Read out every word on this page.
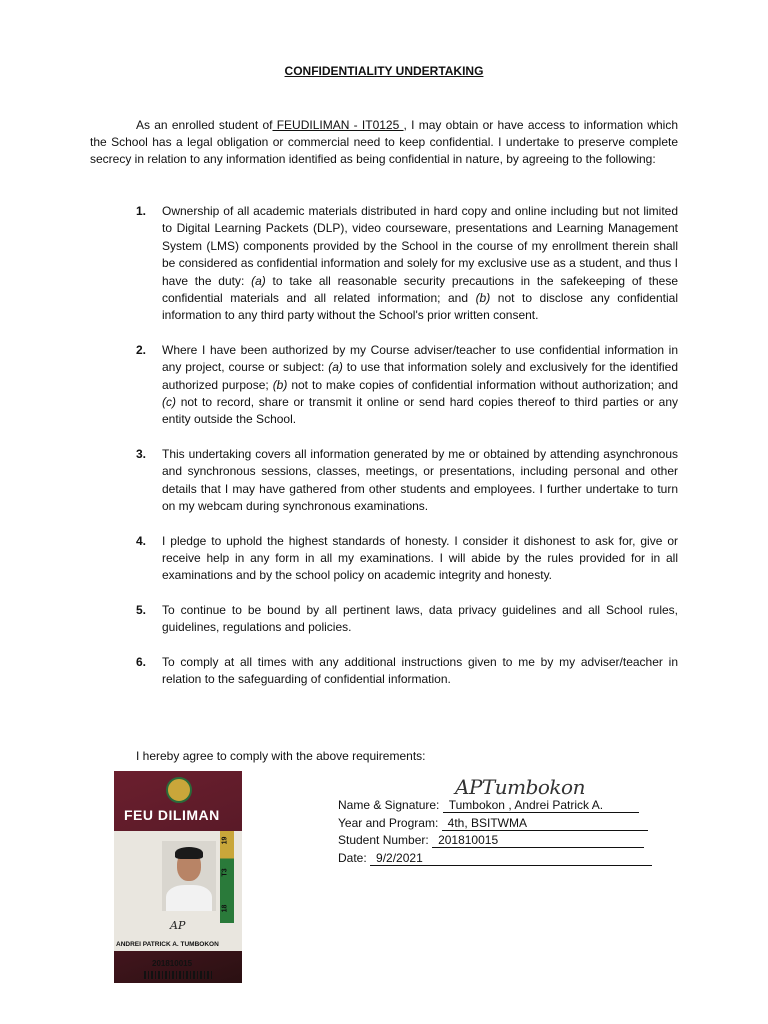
CONFIDENTIALITY UNDERTAKING

As an enrolled student of FEUDILIMAN - IT0125 , I may obtain or have access to information which the School has a legal obligation or commercial need to keep confidential. I undertake to preserve complete secrecy in relation to any information identified as being confidential in nature, by agreeing to the following:

1. Ownership of all academic materials distributed in hard copy and online including but not limited to Digital Learning Packets (DLP), video courseware, presentations and Learning Management System (LMS) components provided by the School in the course of my enrollment therein shall be considered as confidential information and solely for my exclusive use as a student, and thus I have the duty: (a) to take all reasonable security precautions in the safekeeping of these confidential materials and all related information; and (b) not to disclose any confidential information to any third party without the School's prior written consent.
2. Where I have been authorized by my Course adviser/teacher to use confidential information in any project, course or subject: (a) to use that information solely and exclusively for the identified authorized purpose; (b) not to make copies of confidential information without authorization; and (c) not to record, share or transmit it online or send hard copies thereof to third parties or any entity outside the School.
3. This undertaking covers all information generated by me or obtained by attending asynchronous and synchronous sessions, classes, meetings, or presentations, including personal and other details that I may have gathered from other students and employees. I further undertake to turn on my webcam during synchronous examinations.
4. I pledge to uphold the highest standards of honesty. I consider it dishonest to ask for, give or receive help in any form in all my examinations. I will abide by the rules provided for in all examinations and by the school policy on academic integrity and honesty.
5. To continue to be bound by all pertinent laws, data privacy guidelines and all School rules, guidelines, regulations and policies.
6. To comply at all times with any additional instructions given to me by my adviser/teacher in relation to the safeguarding of confidential information.
I hereby agree to comply with the above requirements:
FEU DILIMAN
19
T3
18
AP
ANDREI PATRICK A. TUMBOKON
201810015
APTumbokon
Name & Signature: Tumbokon , Andrei Patrick A.
Year and Program: 4th, BSITWMA
Student Number: 201810015
Date: 9/2/2021
